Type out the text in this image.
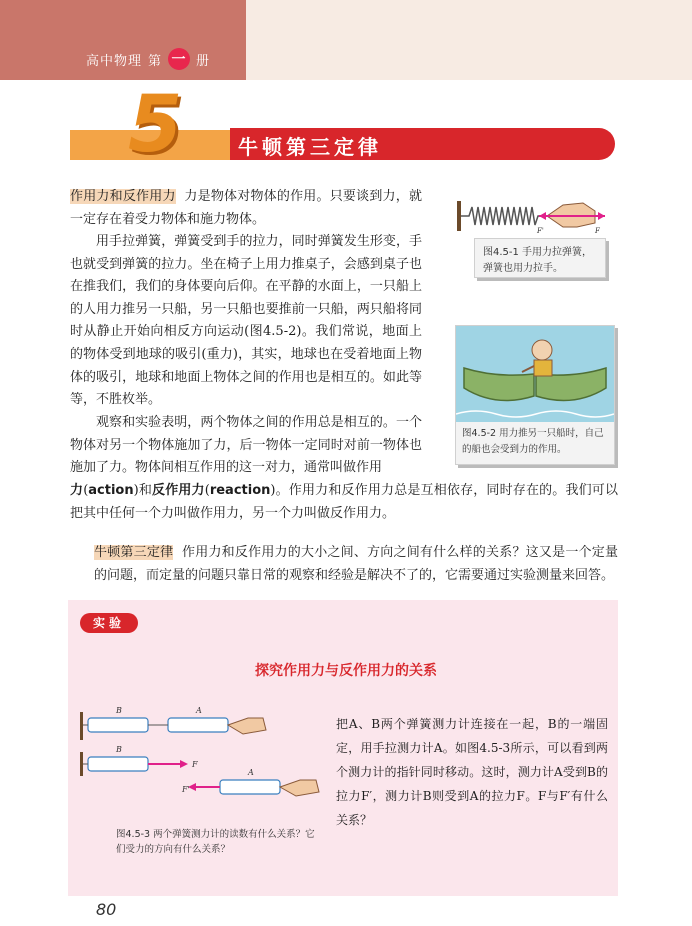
高中物理 第 一 册
5	牛顿第三定律
作用力和反作用力 力是物体对物体的作用。只要谈到力，就一定存在着受力物体和施力物体。
用手拉弹簧，弹簧受到手的拉力，同时弹簧发生形变，手也就受到弹簧的拉力。坐在椅子上用力推桌子，会感到桌子也在推我们，我们的身体要向后仰。在平静的水面上，一只船上的人用力推另一只船，另一只船也要推前一只船，两只船将同时从静止开始向相反方向运动(图4.5-2)。我们常说，地面上的物体受到地球的吸引(重力)，其实，地球也在受着地面上物体的吸引，地球和地面上物体之间的作用也是相互的。如此等等，不胜枚举。
观察和实验表明，两个物体之间的作用总是相互的。一个物体对另一个物体施加了力，后一物体一定同时对前一物体也施加了力。物体间相互作用的这一对力，通常叫做作用
力(action)和反作用力(reaction)。作用力和反作用力总是互相依存，同时存在的。我们可以把其中任何一个力叫做作用力，另一个力叫做反作用力。
F'	F
图4.5-1 手用力拉弹簧，弹簧也用力拉手。
图4.5-2 用力推另一只船时，自己的船也会受到力的作用。
牛顿第三定律 作用力和反作用力的大小之间、方向之间有什么样的关系？这又是一个定量的问题，而定量的问题只靠日常的观察和经验是解决不了的，它需要通过实验测量来回答。
实验
探究作用力与反作用力的关系
B	A
B
F
A
F'
图4.5-3 两个弹簧测力计的读数有什么关系？它们受力的方向有什么关系？
把A、B两个弹簧测力计连接在一起，B的一端固定，用手拉测力计A。如图4.5-3所示，可以看到两个测力计的指针同时移动。这时，测力计A受到B的拉力F′，测力计B则受到A的拉力F。F与F′有什么关系？
80
